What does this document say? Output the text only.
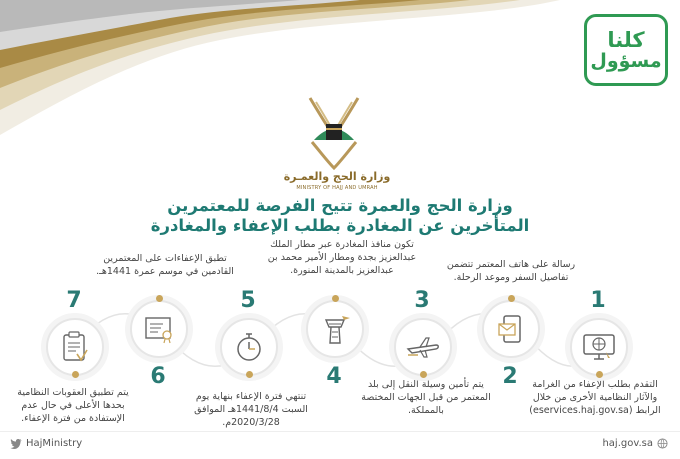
كلنا
مسؤول
وزارة الحج والعمـرة
MINISTRY OF HAJJ AND UMRAH
وزارة الحج والعمرة تتيح الفرصة للمعتمرين
المتأخرين عن المغادرة بطلب الإعفاء والمغادرة
التقدم بطلب الإعفاء من الغرامة والآثار النظامية الأخرى من خلال الرابط (eservices.haj.gov.sa)
1
رسالة على هاتف المعتمر تتضمن تفاصيل السفر وموعد الرحلة.
2
يتم تأمين وسيلة النقل إلى بلد المعتمر من قبل الجهات المختصة بالمملكة.
3
تكون منافذ المغادرة عبر مطار الملك عبدالعزيز بجدة ومطار الأمير محمد بن عبدالعزيز بالمدينة المنورة.
4
تنتهي فترة الإعفاء بنهاية يوم السبت 1441/8/4هـ الموافق 2020/3/28م.
5
تطبق الإعفاءات على المعتمرين القادمين في موسم عمرة 1441هـ.
6
يتم تطبيق العقوبات النظامية بحدها الأعلى في حال عدم الإستفادة من فترة الإعفاء.
7
HajMinistry	haj.gov.sa
